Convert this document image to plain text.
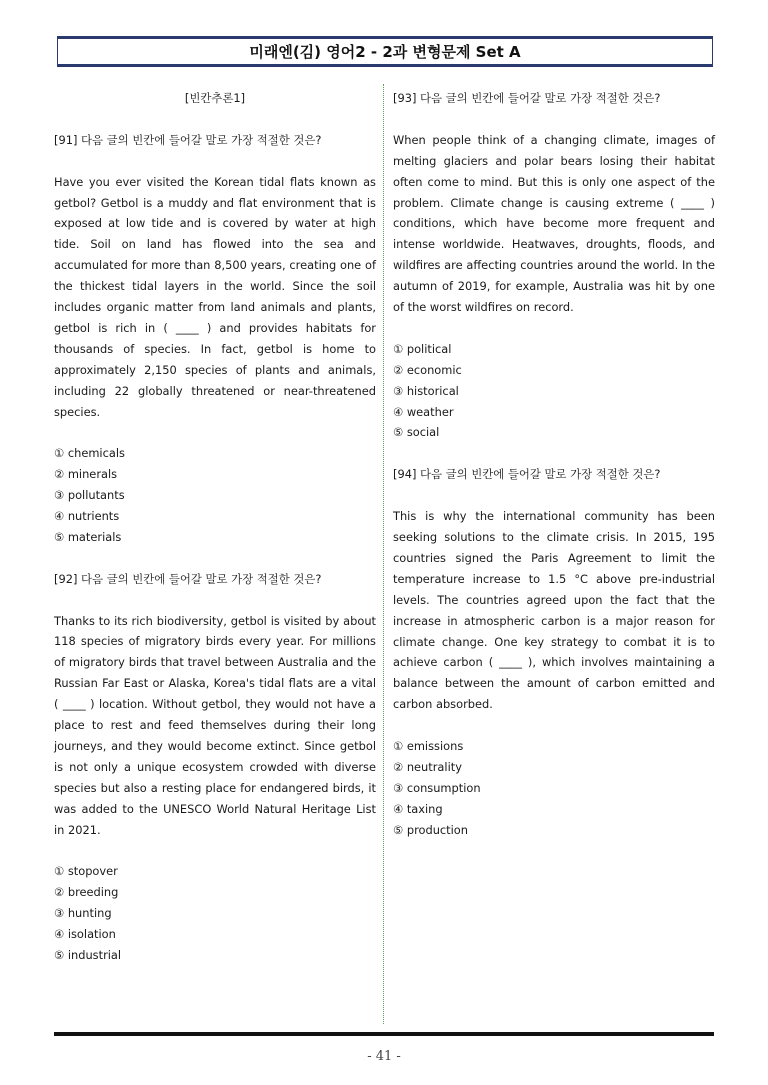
미래엔(김) 영어2 - 2과 변형문제 Set A

[빈칸추론1]

[91] 다음 글의 빈칸에 들어갈 말로 가장 적절한 것은?

Have you ever visited the Korean tidal flats known as getbol? Getbol is a muddy and flat environment that is exposed at low tide and is covered by water at high tide. Soil on land has flowed into the sea and accumulated for more than 8,500 years, creating one of the thickest tidal layers in the world. Since the soil includes organic matter from land animals and plants, getbol is rich in ( ____ ) and provides habitats for thousands of species. In fact, getbol is home to approximately 2,150 species of plants and animals, including 22 globally threatened or near-threatened species.

① chemicals
② minerals
③ pollutants
④ nutrients
⑤ materials

[92] 다음 글의 빈칸에 들어갈 말로 가장 적절한 것은?

Thanks to its rich biodiversity, getbol is visited by about 118 species of migratory birds every year. For millions of migratory birds that travel between Australia and the Russian Far East or Alaska, Korea's tidal flats are a vital ( ____ ) location. Without getbol, they would not have a place to rest and feed themselves during their long journeys, and they would become extinct. Since getbol is not only a unique ecosystem crowded with diverse species but also a resting place for endangered birds, it was added to the UNESCO World Natural Heritage List in 2021.

① stopover
② breeding
③ hunting
④ isolation
⑤ industrial

[93] 다음 글의 빈칸에 들어갈 말로 가장 적절한 것은?

When people think of a changing climate, images of melting glaciers and polar bears losing their habitat often come to mind. But this is only one aspect of the problem. Climate change is causing extreme ( ____ ) conditions, which have become more frequent and intense worldwide. Heatwaves, droughts, floods, and wildfires are affecting countries around the world. In the autumn of 2019, for example, Australia was hit by one of the worst wildfires on record.

① political
② economic
③ historical
④ weather
⑤ social

[94] 다음 글의 빈칸에 들어갈 말로 가장 적절한 것은?

This is why the international community has been seeking solutions to the climate crisis. In 2015, 195 countries signed the Paris Agreement to limit the temperature increase to 1.5 °C above pre-industrial levels. The countries agreed upon the fact that the increase in atmospheric carbon is a major reason for climate change. One key strategy to combat it is to achieve carbon ( ____ ), which involves maintaining a balance between the amount of carbon emitted and carbon absorbed.

① emissions
② neutrality
③ consumption
④ taxing
⑤ production
- 41 -
